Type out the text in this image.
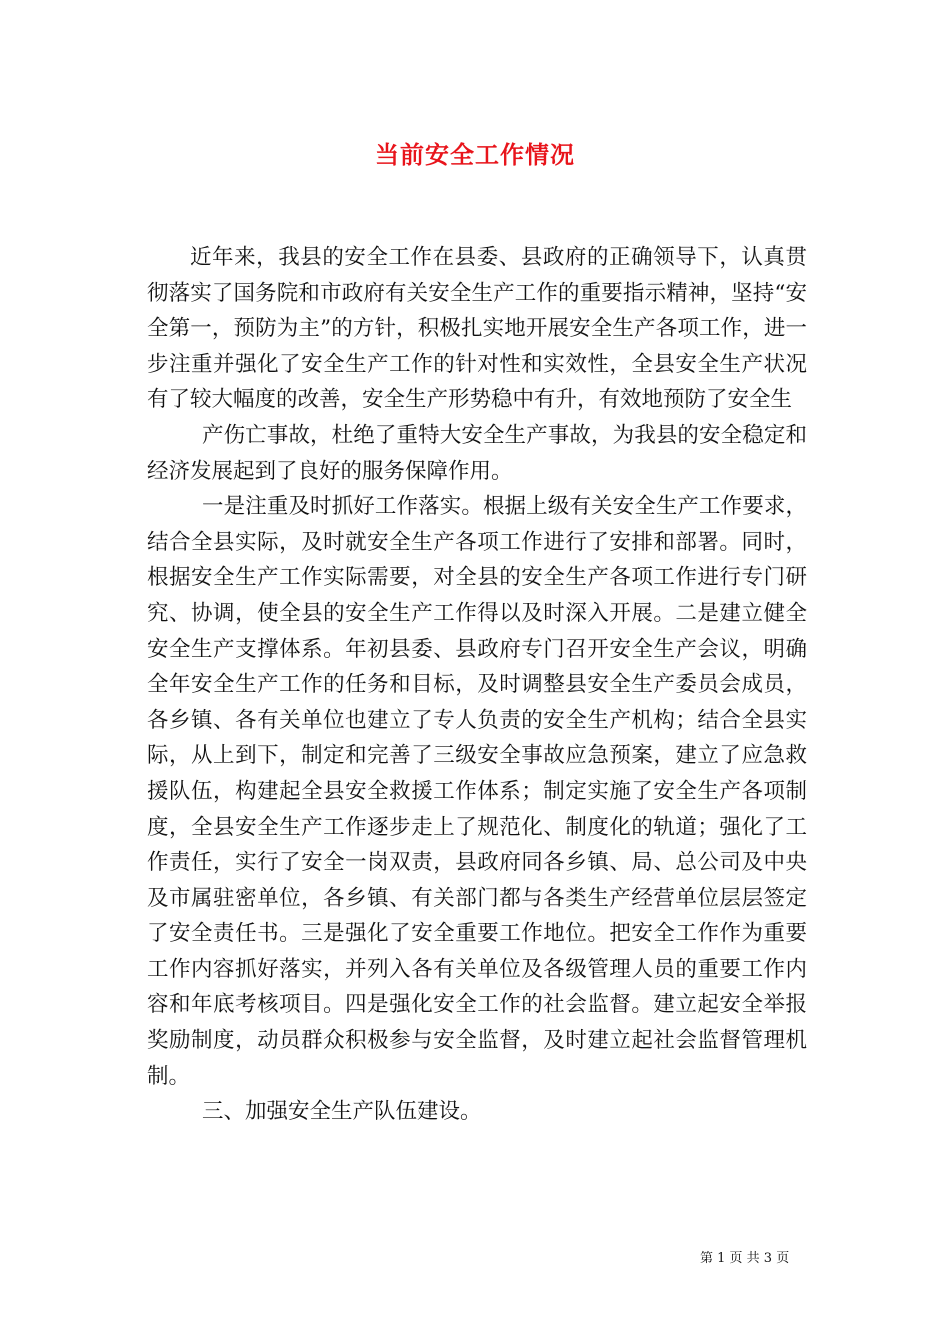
当前安全工作情况

近年来，我县的安全工作在县委、县政府的正确领导下，认真贯彻落实了国务院和市政府有关安全生产工作的重要指示精神，坚持“安全第一，预防为主”的方针，积极扎实地开展安全生产各项工作，进一步注重并强化了安全生产工作的针对性和实效性，全县安全生产状况有了较大幅度的改善，安全生产形势稳中有升，有效地预防了安全生

产伤亡事故，杜绝了重特大安全生产事故，为我县的安全稳定和经济发展起到了良好的服务保障作用。

一是注重及时抓好工作落实。根据上级有关安全生产工作要求，结合全县实际，及时就安全生产各项工作进行了安排和部署。同时，根据安全生产工作实际需要，对全县的安全生产各项工作进行专门研究、协调，使全县的安全生产工作得以及时深入开展。二是建立健全安全生产支撑体系。年初县委、县政府专门召开安全生产会议，明确全年安全生产工作的任务和目标，及时调整县安全生产委员会成员，各乡镇、各有关单位也建立了专人负责的安全生产机构；结合全县实际，从上到下，制定和完善了三级安全事故应急预案，建立了应急救援队伍，构建起全县安全救援工作体系；制定实施了安全生产各项制度，全县安全生产工作逐步走上了规范化、制度化的轨道；强化了工作责任，实行了安全一岗双责，县政府同各乡镇、局、总公司及中央及市属驻密单位，各乡镇、有关部门都与各类生产经营单位层层签定了安全责任书。三是强化了安全重要工作地位。把安全工作作为重要工作内容抓好落实，并列入各有关单位及各级管理人员的重要工作内容和年底考核项目。四是强化安全工作的社会监督。建立起安全举报奖励制度，动员群众积极参与安全监督，及时建立起社会监督管理机制。

三、加强安全生产队伍建设。

第 1 页 共 3 页
